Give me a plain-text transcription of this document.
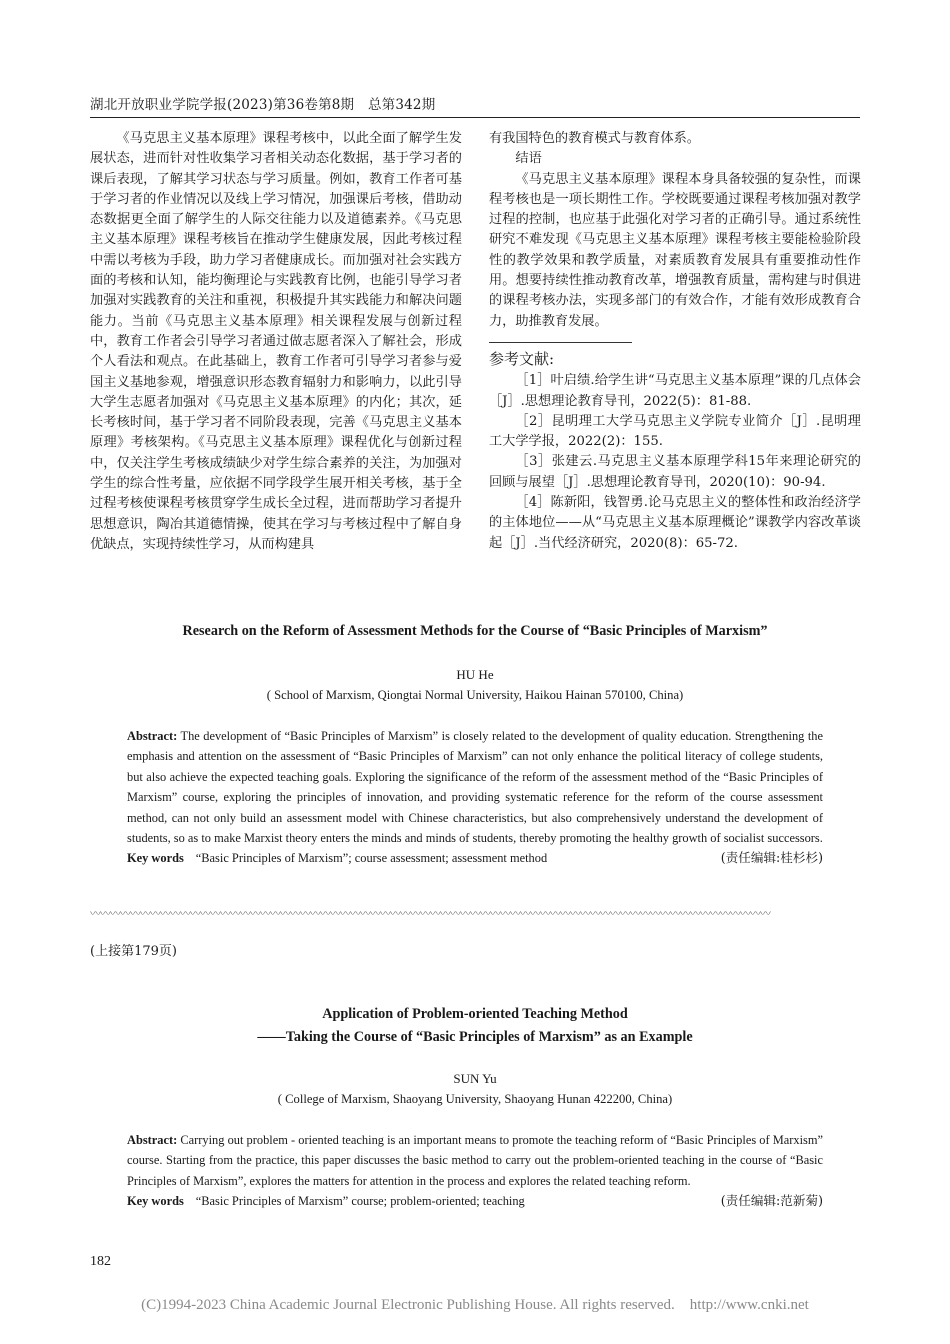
湖北开放职业学院学报(2023)第36卷第8期　总第342期

《马克思主义基本原理》课程考核中，以此全面了解学生发展状态，进而针对性收集学习者相关动态化数据，基于学习者的课后表现，了解其学习状态与学习质量。例如，教育工作者可基于学习者的作业情况以及线上学习情况，加强课后考核，借助动态数据更全面了解学生的人际交往能力以及道德素养。《马克思主义基本原理》课程考核旨在推动学生健康发展，因此考核过程中需以考核为手段，助力学习者健康成长。而加强对社会实践方面的考核和认知，能均衡理论与实践教育比例，也能引导学习者加强对实践教育的关注和重视，积极提升其实践能力和解决问题能力。当前《马克思主义基本原理》相关课程发展与创新过程中，教育工作者会引导学习者通过做志愿者深入了解社会，形成个人看法和观点。在此基础上，教育工作者可引导学习者参与爱国主义基地参观，增强意识形态教育辐射力和影响力，以此引导大学生志愿者加强对《马克思主义基本原理》的内化；其次，延长考核时间，基于学习者不同阶段表现，完善《马克思主义基本原理》考核架构。《马克思主义基本原理》课程优化与创新过程中，仅关注学生考核成绩缺少对学生综合素养的关注，为加强对学生的综合性考量，应依据不同学段学生展开相关考核，基于全过程考核使课程考核贯穿学生成长全过程，进而帮助学习者提升思想意识，陶冶其道德情操，使其在学习与考核过程中了解自身优缺点，实现持续性学习，从而构建具

有我国特色的教育模式与教育体系。

结语

《马克思主义基本原理》课程本身具备较强的复杂性，而课程考核也是一项长期性工作。学校既要通过课程考核加强对教学过程的控制，也应基于此强化对学习者的正确引导。通过系统性研究不难发现《马克思主义基本原理》课程考核主要能检验阶段性的教学效果和教学质量，对素质教育发展具有重要推动性作用。想要持续性推动教育改革，增强教育质量，需构建与时俱进的课程考核办法，实现多部门的有效合作，才能有效形成教育合力，助推教育发展。

参考文献:

［1］叶启绩.给学生讲“马克思主义基本原理”课的几点体会［J］.思想理论教育导刊，2022(5)：81-88.

［2］昆明理工大学马克思主义学院专业简介［J］.昆明理工大学学报，2022(2)：155.

［3］张建云.马克思主义基本原理学科15年来理论研究的回顾与展望［J］.思想理论教育导刊，2020(10)：90-94.

［4］陈新阳，钱智勇.论马克思主义的整体性和政治经济学的主体地位——从“马克思主义基本原理概论”课教学内容改革谈起［J］.当代经济研究，2020(8)：65-72.

Research on the Reform of Assessment Methods for the Course of “Basic Principles of Marxism”
HU He
( School of Marxism, Qiongtai Normal University, Haikou Hainan 570100, China)

Abstract: The development of “Basic Principles of Marxism” is closely related to the development of quality education. Strengthening the emphasis and attention on the assessment of “Basic Principles of Marxism” can not only enhance the political literacy of college students, but also achieve the expected teaching goals. Exploring the significance of the reform of the assessment method of the “Basic Principles of Marxism” course, exploring the principles of innovation, and providing systematic reference for the reform of the course assessment method, can not only build an assessment model with Chinese characteristics, but also comprehensively understand the development of students, so as to make Marxist theory enters the minds and minds of students, thereby promoting the healthy growth of socialist successors.

Key words “Basic Principles of Marxism”; course assessment; assessment method	(责任编辑:桂杉杉)

〰〰〰〰〰〰〰〰〰〰〰〰〰〰〰〰〰〰〰〰〰〰〰〰〰〰〰〰〰〰〰〰〰〰〰〰〰〰〰〰〰〰〰〰〰〰〰〰〰〰〰〰〰〰〰〰〰〰〰〰〰〰〰〰〰〰〰〰
(上接第179页)
Application of Problem-oriented Teaching Method
——Taking the Course of “Basic Principles of Marxism” as an Example
SUN Yu
( College of Marxism, Shaoyang University, Shaoyang Hunan 422200, China)

Abstract: Carrying out problem - oriented teaching is an important means to promote the teaching reform of “Basic Principles of Marxism” course. Starting from the practice, this paper discusses the basic method to carry out the problem-oriented teaching in the course of “Basic Principles of Marxism”, explores the matters for attention in the process and explores the related teaching reform.

Key words “Basic Principles of Marxism” course; problem-oriented; teaching	(责任编辑:范新菊)

182
(C)1994-2023 China Academic Journal Electronic Publishing House. All rights reserved.    http://www.cnki.net
